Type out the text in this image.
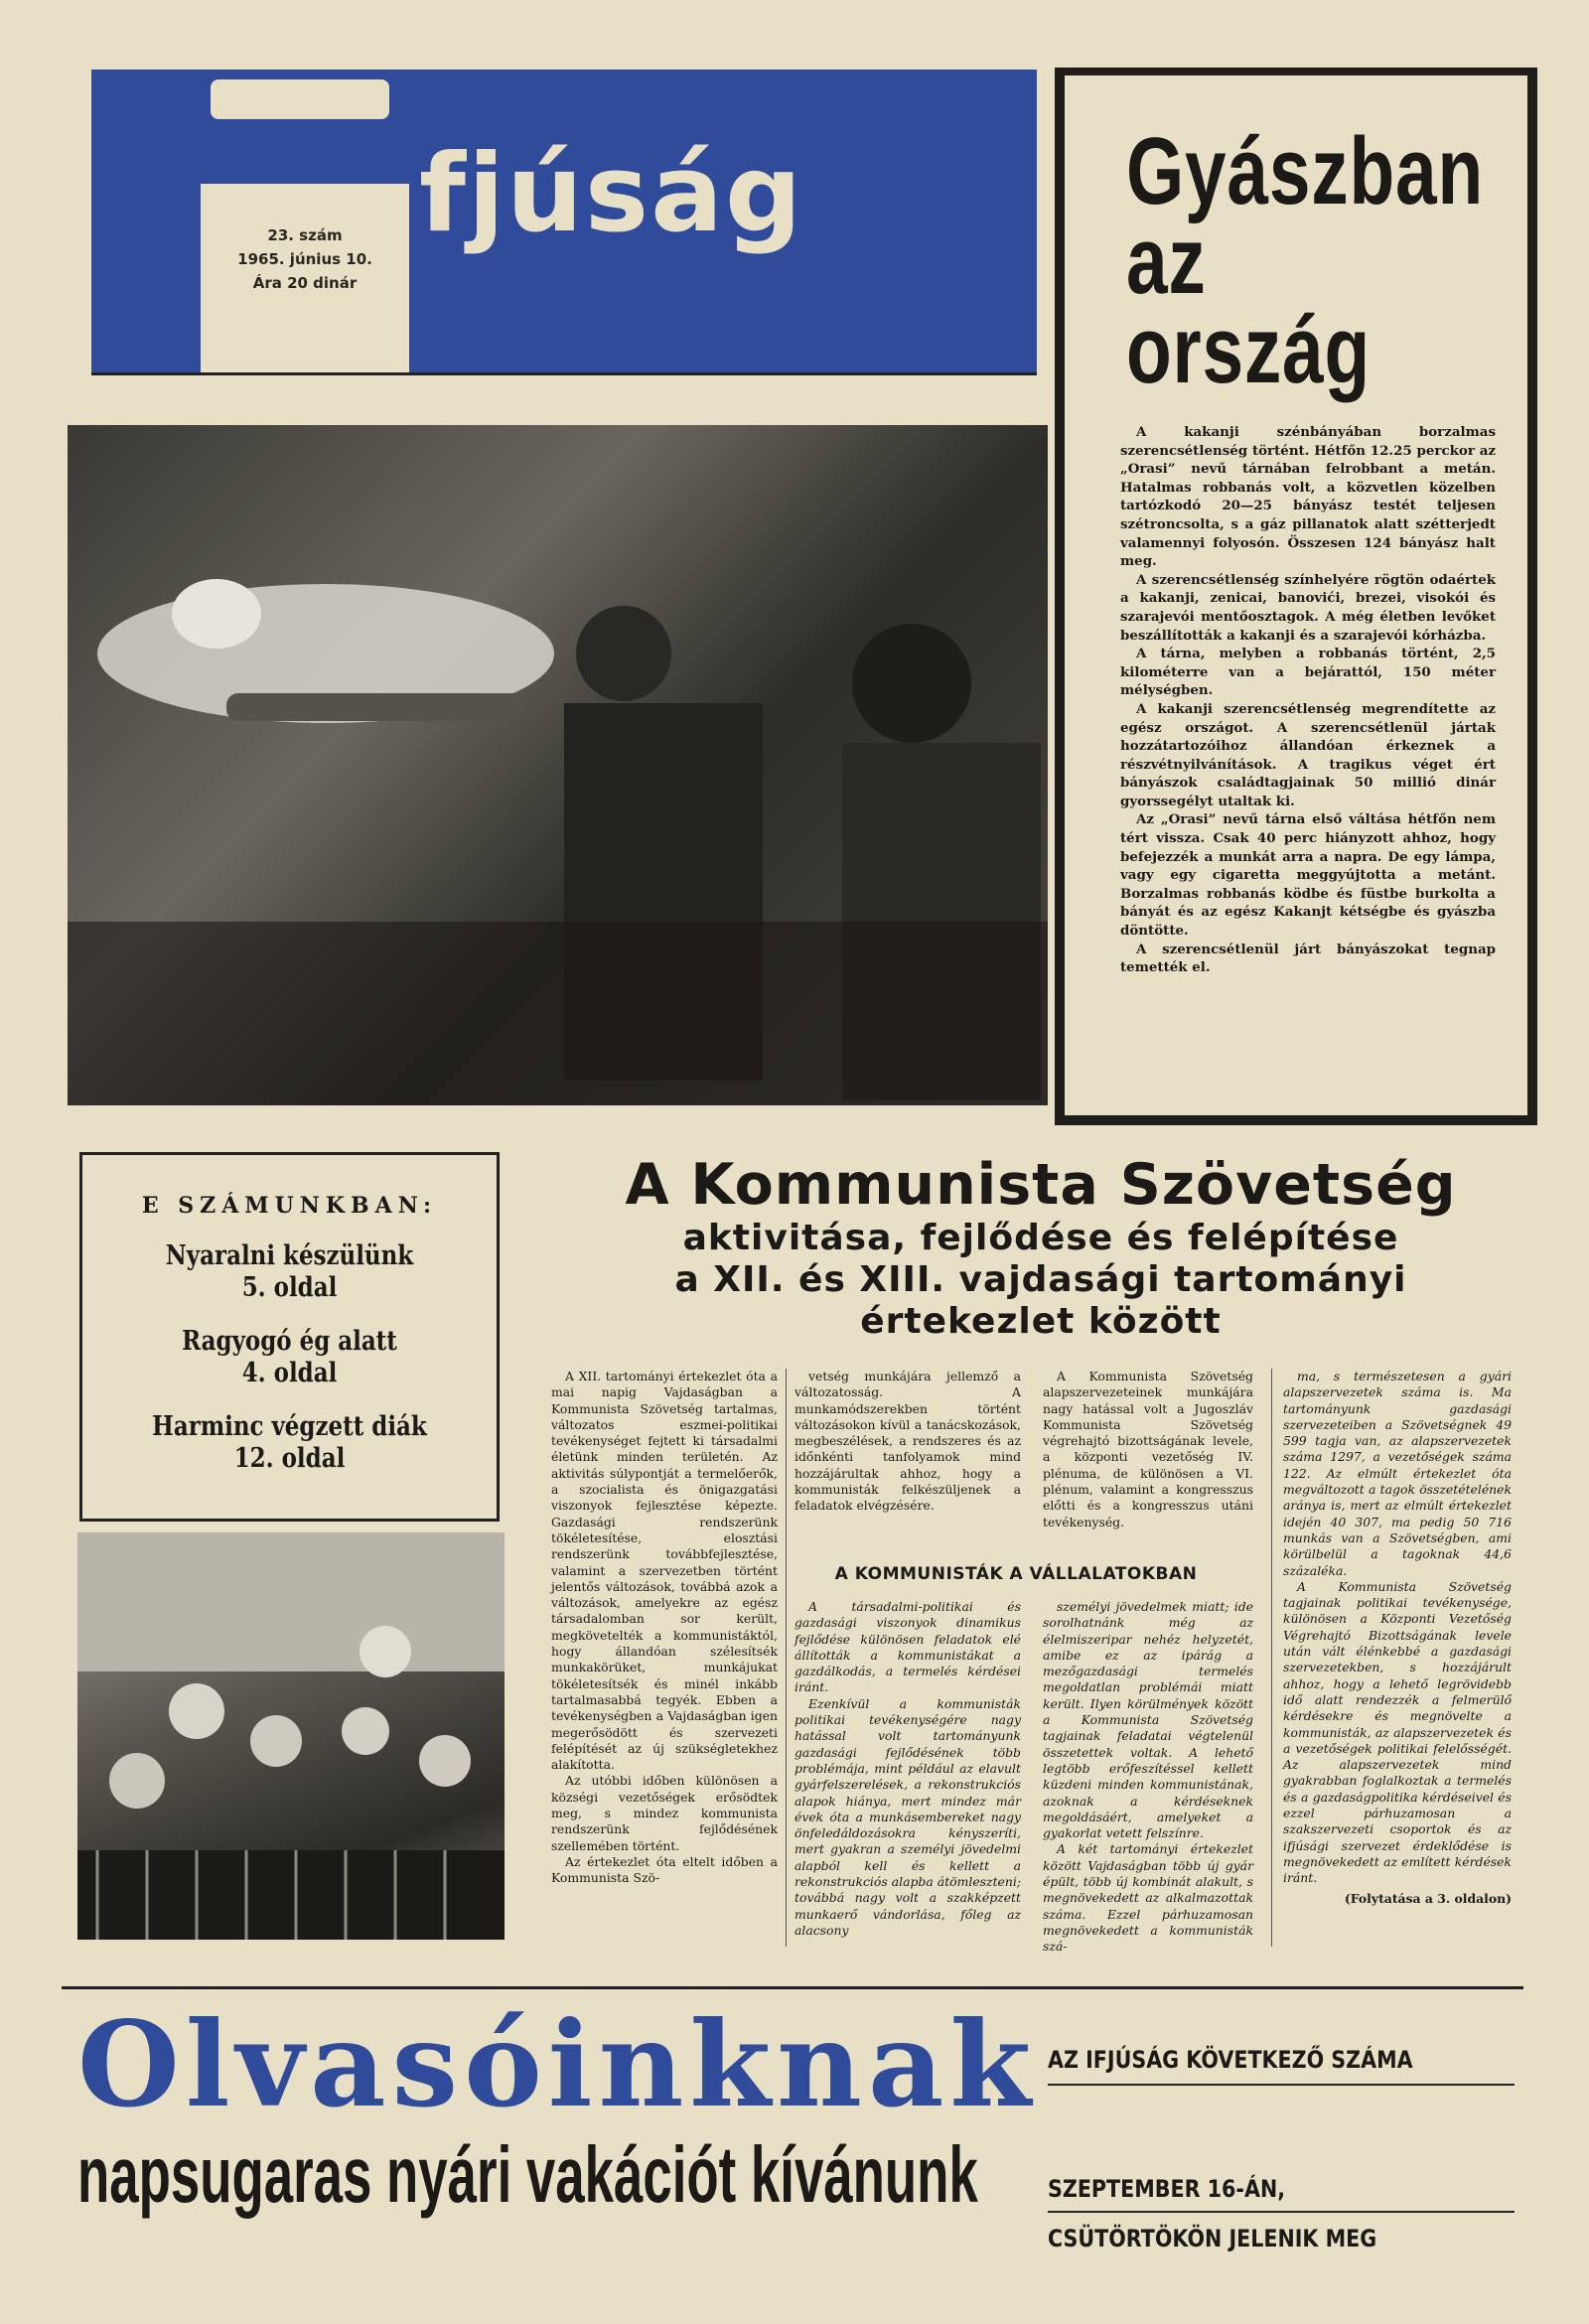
fjúság
23. szám
1965. június 10.
Ára 20 dinár
Gyászban
az
ország

A kakanji szénbányában borzalmas szerencsétlenség történt. Hétfőn 12.25 perckor az „Orasi” nevű tárnában felrobbant a metán. Hatalmas robbanás volt, a közvetlen közelben tartózkodó 20—25 bányász testét teljesen szétroncsolta, s a gáz pillanatok alatt szétterjedt valamennyi folyosón. Összesen 124 bányász halt meg.

A szerencsétlenség színhelyére rögtön odaértek a kakanji, zenicai, banovići, brezei, visokói és szarajevói mentőosztagok. A még életben levőket beszállították a kakanji és a szarajevói kórházba.

A tárna, melyben a robbanás történt, 2,5 kilométerre van a bejárattól, 150 méter mélységben.

A kakanji szerencsétlenség megrendítette az egész országot. A szerencsétlenül jártak hozzátartozóihoz állandóan érkeznek a részvétnyilvánítások. A tragikus véget ért bányászok családtagjainak 50 millió dinár gyorssegélyt utaltak ki.

Az „Orasi” nevű tárna első váltása hétfőn nem tért vissza. Csak 40 perc hiányzott ahhoz, hogy befejezzék a munkát arra a napra. De egy lámpa, vagy egy cigaretta meggyújtotta a metánt. Borzalmas robbanás ködbe és füstbe burkolta a bányát és az egész Kakanjt kétségbe és gyászba döntötte.

A szerencsétlenül járt bányászokat tegnap temették el.

E SZÁMUNKBAN:
Nyaralni készülünk
5. oldal
Ragyogó ég alatt
4. oldal
Harminc végzett diák
12. oldal
A Kommunista Szövetség
aktivitása, fejlődése és felépítése
a XII. és XIII. vajdasági tartományi
értekezlet között

A XII. tartományi értekezlet óta a mai napig Vajdaságban a Kommunista Szövetség tartalmas, változatos eszmei-politikai tevékenységet fejtett ki társadalmi életünk minden területén. Az aktivitás súlypontját a termelőerők, a szocialista és önigazgatási viszonyok fejlesztése képezte. Gazdasági rendszerünk tökéletesítése, elosztási rendszerünk továbbfejlesztése, valamint a szervezetben történt jelentős változások, továbbá azok a változások, amelyekre az egész társadalomban sor került, megkövetelték a kommunistáktól, hogy állandóan szélesítsék munkakörüket, munkájukat tökéletesítsék és minél inkább tartalmasabbá tegyék. Ebben a tevékenységben a Vajdaságban igen megerősödött és szervezeti felépítését az új szükségletekhez alakította.

Az utóbbi időben különösen a községi vezetőségek erősödtek meg, s mindez kommunista rendszerünk fejlődésének szellemében történt.

Az értekezlet óta eltelt időben a Kommunista Szö-

vetség munkájára jellemző a változatosság. A munkamódszerekben történt változásokon kívül a tanácskozások, megbeszélések, a rendszeres és az időnkénti tanfolyamok mind hozzájárultak ahhoz, hogy a kommunisták felkészüljenek a feladatok elvégzésére.

A Kommunista Szövetség alapszervezeteinek munkájára nagy hatással volt a Jugoszláv Kommunista Szövetség végrehajtó bizottságának levele, a központi vezetőség IV. plénuma, de különösen a VI. plénum, valamint a kongresszus előtti és a kongresszus utáni tevékenység.

A KOMMUNISTÁK A VÁLLALATOKBAN

A társadalmi-politikai és gazdasági viszonyok dinamikus fejlődése különösen feladatok elé állították a kommunistákat a gazdálkodás, a termelés kérdései iránt.

Ezenkívül a kommunisták politikai tevékenységére nagy hatással volt tartományunk gazdasági fejlődésének több problémája, mint például az elavult gyárfelszerelések, a rekonstrukciós alapok hiánya, mert mindez már évek óta a munkásembereket nagy önfeledáldozásokra kényszeríti, mert gyakran a személyi jövedelmi alapból kell és kellett a rekonstrukciós alapba átömleszteni; továbbá nagy volt a szakképzett munkaerő vándorlása, főleg az alacsony

személyi jövedelmek miatt; ide sorolhatnánk még az élelmiszeripar nehéz helyzetét, amibe ez az ipárág a mezőgazdasági termelés megoldatlan problémái miatt került. Ilyen körülmények között a Kommunista Szövetség tagjainak feladatai végtelenül összetettek voltak. A lehető legtöbb erőfeszítéssel kellett küzdeni minden kommunistának, azoknak a kérdéseknek megoldásáért, amelyeket a gyakorlat vetett felszínre.

A két tartományi értekezlet között Vajdaságban több új gyár épült, több új kombinát alakult, s megnövekedett az alkalmazottak száma. Ezzel párhuzamosan megnövekedett a kommunisták szá-

ma, s természetesen a gyári alapszervezetek száma is. Ma tartományunk gazdasági szervezeteiben a Szövetségnek 49 599 tagja van, az alapszervezetek száma 1297, a vezetőségek száma 122. Az elmúlt értekezlet óta megváltozott a tagok összetételének arányа is, mert az elmúlt értekezlet idején 40 307, ma pedig 50 716 munkás van a Szövetségben, ami körülbelül a tagoknak 44,6 százaléka.

A Kommunista Szövetség tagjainak politikai tevékenysége, különösen a Központi Vezetőség Végrehajtó Bizottságának levele után vált élénkebbé a gazdasági szervezetekben, s hozzájárult ahhoz, hogy a lehető legrövidebb idő alatt rendezzék a felmerülő kérdésekre és megnövelte a kommunisták, az alapszervezetek és a vezetőségek politikai felelősségét. Az alapszervezetek mind gyakrabban foglalkoztak a termelés és a gazdaságpolitika kérdéseivel és ezzel párhuzamosan a szakszervezeti csoportok és az ifjúsági szervezet érdeklődése is megnövekedett az említett kérdések iránt.

(Folytatása a 3. oldalon)

Olvasóinknak
napsugaras nyári vakációt kívánunk
AZ IFJÚSÁG KÖVETKEZŐ SZÁMA
SZEPTEMBER 16-ÁN,
CSÜTÖRTÖKÖN JELENIK MEG
